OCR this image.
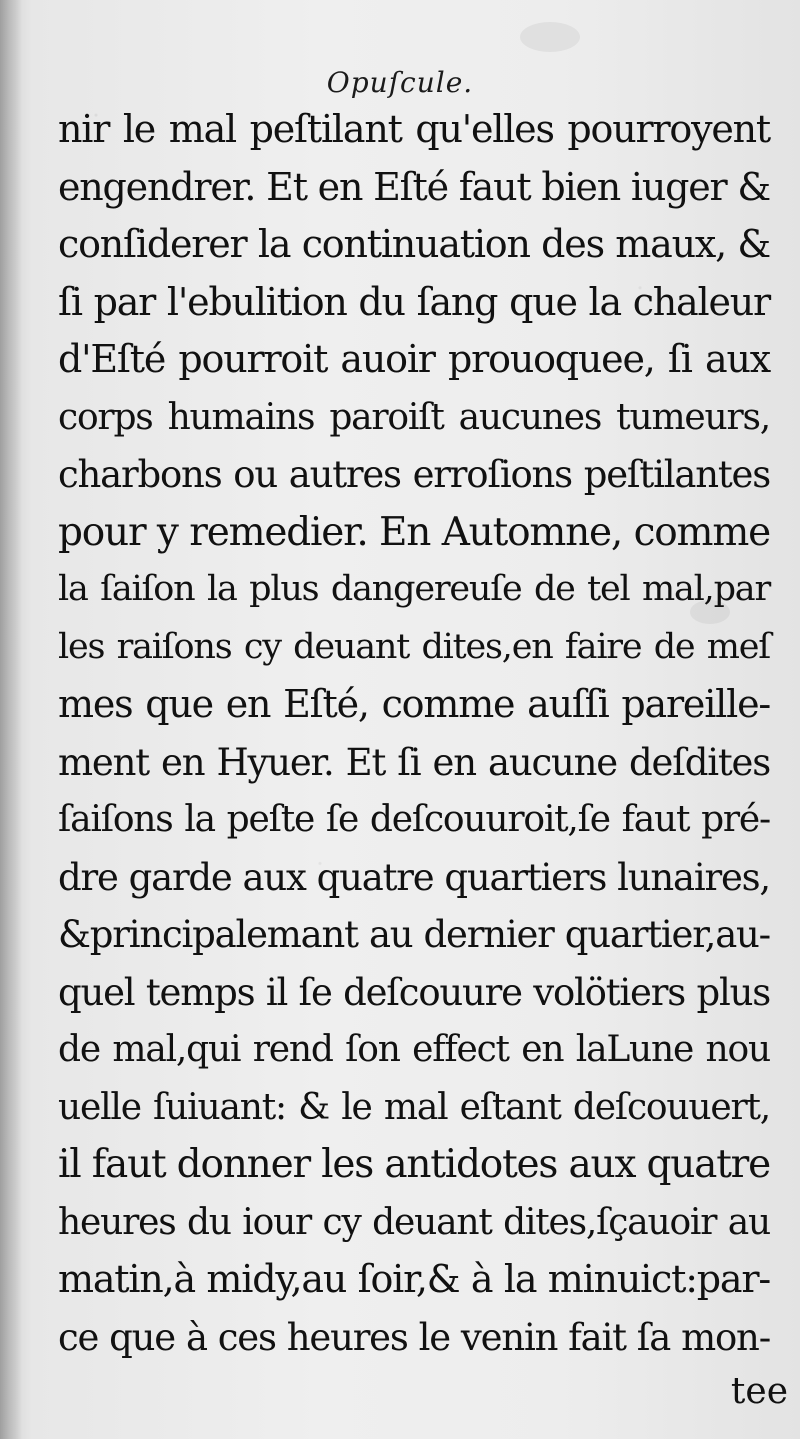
Opuſcule.
nir le mal peſtilant qu'elles pourroyent
engendrer. Et en Eſté faut bien iuger &
conſiderer la continuation des maux, &
ſi par l'ebulition du ſang que la chaleur
d'Eſté pourroit auoir prouoquee, ſi aux
corps humains paroiſt aucunes tumeurs,
charbons ou autres erroſions peſtilantes
pour y remedier. En Automne, comme
la ſaiſon la plus dangereuſe de tel mal,par
les raiſons cy deuant dites,en faire de meſ
mes que en Eſté, comme auſſi pareille-
ment en Hyuer. Et ſi en aucune deſdites
ſaiſons la peſte ſe deſcouuroit,ſe faut pré-
dre garde aux quatre quartiers lunaires,
&principalemant au dernier quartier,au-
quel temps il ſe deſcouure volötiers plus
de mal,qui rend ſon effect en laLune nou
uelle ſuiuant: & le mal eſtant deſcouuert,
il faut donner les antidotes aux quatre
heures du iour cy deuant dites,ſçauoir au
matin,à midy,au ſoir,& à la minuict:par-
ce que à ces heures le venin fait ſa mon-
tee
